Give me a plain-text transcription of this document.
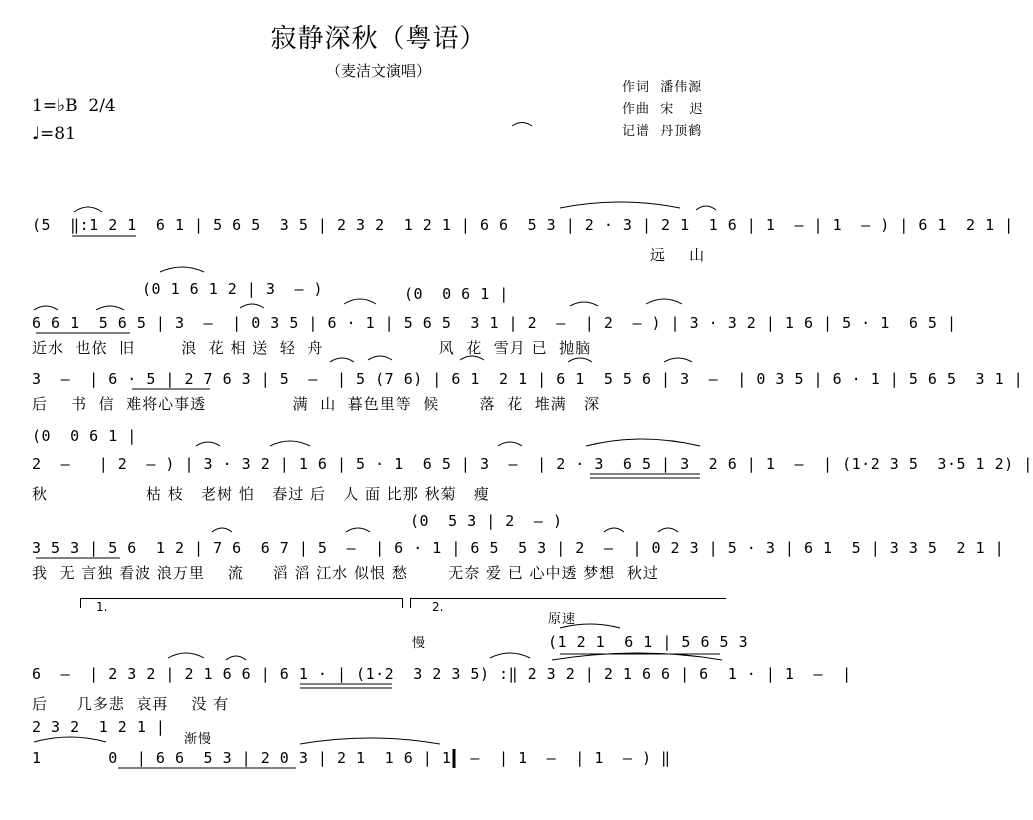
寂静深秋（粤语）
（麦洁文演唱）
作词  潘伟源
作曲  宋   迟
记谱  丹顶鹤
1=♭B  2/4
♩=81
(5  ‖:1 2 1  6 1 | 5 6 5  3 5 | 2 3 2  1 2 1 | 6 6  5 3 | 2 · 3 | 2 1  1 6 | 1  – | 1  – ) | 6 1  2 1 |
远    山
(0 1 6 1 2 | 3  – )	(0  0 6 1 |
6 6 1  5 6 5 | 3  –  | 0 3 5 | 6 · 1 | 5 6 5  3 1 | 2  –  | 2  – ) | 3 · 3 2 | 1 6 | 5 · 1  6 5 |
近水  也依  旧        浪  花 相 送  轻  舟                    风  花  雪月 已  抛脑
3  –  | 6 · 5 | 2 7 6 3 | 5  –  | 5 (7 6) | 6 1  2 1 | 6 1  5 5 6 | 3  –  | 0 3 5 | 6 · 1 | 5 6 5  3 1 |
后    书  信  难将心事透               满  山  暮色里等  候       落  花  堆满   深
(0  0 6 1 |
2  –   | 2  – ) | 3 · 3 2 | 1 6 | 5 · 1  6 5 | 3  –  | 2 · 3  6 5 | 3  2 6 | 1  –  | (1·2 3 5  3·5 1 2) |
秋                 枯 枝   老树 怕   春过 后   人 面 比那 秋菊   瘦
(0  5 3 | 2  – )
3 5 3 | 5 6  1 2 | 7 6  6 7 | 5  –  | 6 · 1 | 6 5  5 3 | 2  –  | 0 2 3 | 5 · 3 | 6 1  5 | 3 3 5  2 1 |
我  无 言独 看波 浪万里    流     滔 滔 江水 似恨 愁       无奈 爱 已 心中透 梦想  秋过
1.	2.
原速
慢	(1 2 1  6 1 | 5 6 5 3
6  –  | 2 3 2 | 2 1 6 6 | 6 1 · | (1·2  3 2 3 5) :‖ 2 3 2 | 2 1 6 6 | 6  1 · | 1  –  |
后     几多悲  哀再    没 有
2 3 2  1 2 1 |
渐慢
1       0  | 6 6  5 3 | 2 0 3 | 2 1  1 6 | 1  –  | 1  –  | 1  – ) ‖
